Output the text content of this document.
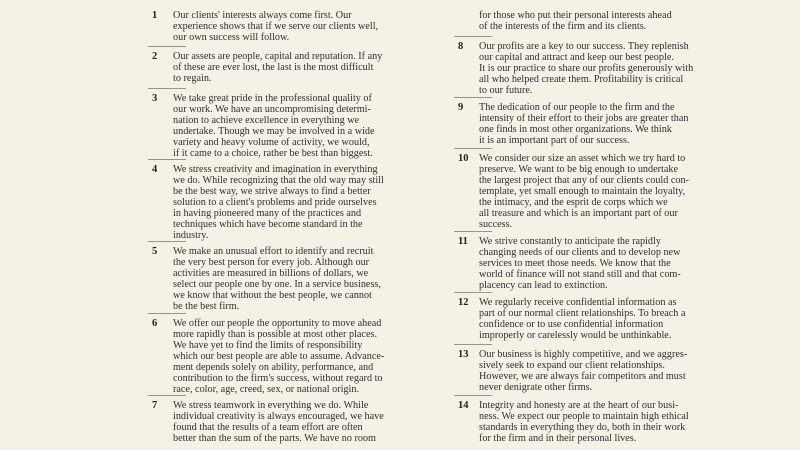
1 Our clients' interests always come first. Our
experience shows that if we serve our clients well,
our own success will follow.
2 Our assets are people, capital and reputation. If any
of these are ever lost, the last is the most difficult
to regain.
3 We take great pride in the professional quality of
our work. We have an uncompromising determi-
nation to achieve excellence in everything we
undertake. Though we may be involved in a wide
variety and heavy volume of activity, we would,
if it came to a choice, rather be best than biggest.
4 We stress creativity and imagination in everything
we do. While recognizing that the old way may still
be the best way, we strive always to find a better
solution to a client's problems and pride ourselves
in having pioneered many of the practices and
techniques which have become standard in the
industry.
5 We make an unusual effort to identify and recruit
the very best person for every job. Although our
activities are measured in billions of dollars, we
select our people one by one. In a service business,
we know that without the best people, we cannot
be the best firm.
6 We offer our people the opportunity to move ahead
more rapidly than is possible at most other places.
We have yet to find the limits of responsibility
which our best people are able to assume. Advance-
ment depends solely on ability, performance, and
contribution to the firm's success, without regard to
race, color, age, creed, sex, or national origin.
7 We stress teamwork in everything we do. While
individual creativity is always encouraged, we have
found that the results of a team effort are often
better than the sum of the parts. We have no room
for those who put their personal interests ahead
of the interests of the firm and its clients.
8 Our profits are a key to our success. They replenish
our capital and attract and keep our best people.
It is our practice to share our profits generously with
all who helped create them. Profitability is critical
to our future.
9 The dedication of our people to the firm and the
intensity of their effort to their jobs are greater than
one finds in most other organizations. We think
it is an important part of our success.
10 We consider our size an asset which we try hard to
preserve. We want to be big enough to undertake
the largest project that any of our clients could con-
template, yet small enough to maintain the loyalty,
the intimacy, and the esprit de corps which we
all treasure and which is an important part of our
success.
11 We strive constantly to anticipate the rapidly
changing needs of our clients and to develop new
services to meet those needs. We know that the
world of finance will not stand still and that com-
placency can lead to extinction.
12 We regularly receive confidential information as
part of our normal client relationships. To breach a
confidence or to use confidential information
improperly or carelessly would be unthinkable.
13 Our business is highly competitive, and we aggres-
sively seek to expand our client relationships.
However, we are always fair competitors and must
never denigrate other firms.
14 Integrity and honesty are at the heart of our busi-
ness. We expect our people to maintain high ethical
standards in everything they do, both in their work
for the firm and in their personal lives.
